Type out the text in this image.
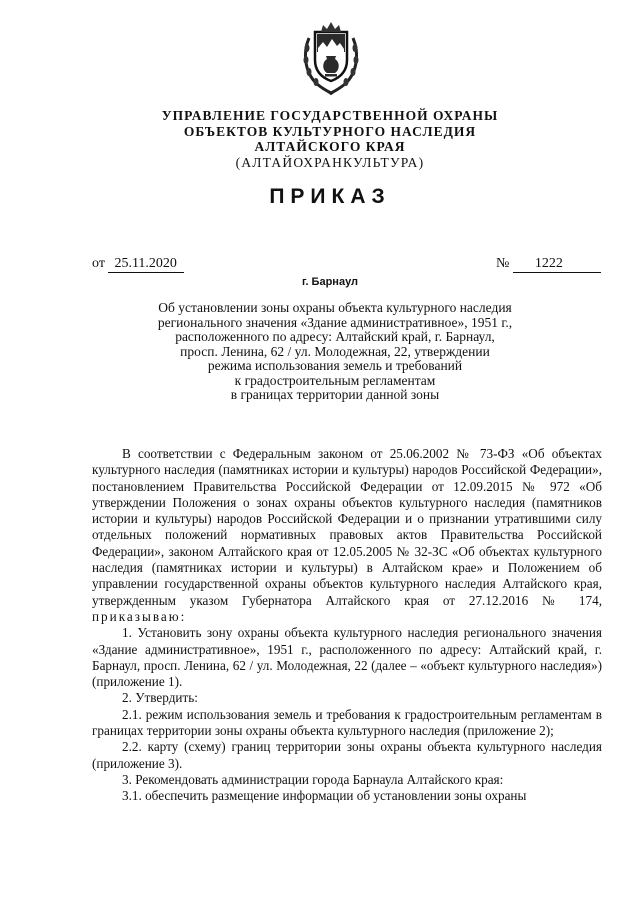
УПРАВЛЕНИЕ ГОСУДАРСТВЕННОЙ ОХРАНЫ
ОБЪЕКТОВ КУЛЬТУРНОГО НАСЛЕДИЯ
АЛТАЙСКОГО КРАЯ
(АЛТАЙОХРАНКУЛЬТУРА)
ПРИКАЗ
от 25.11.2020	№ 1222
г. Барнаул
Об установлении зоны охраны объекта культурного наследия
регионального значения «Здание административное», 1951 г.,
расположенного по адресу: Алтайский край, г. Барнаул,
просп. Ленина, 62 / ул. Молодежная, 22, утверждении
режима использования земель и требований
к градостроительным регламентам
в границах территории данной зоны

В соответствии с Федеральным законом от 25.06.2002 № 73-ФЗ «Об объектах культурного наследия (памятниках истории и культуры) народов Российской Федерации», постановлением Правительства Российской Федерации от 12.09.2015 № 972 «Об утверждении Положения о зонах охраны объектов культурного наследия (памятников истории и культуры) народов Российской Федерации и о признании утратившими силу отдельных положений нормативных правовых актов Правительства Российской Федерации», законом Алтайского края от 12.05.2005 № 32-ЗС «Об объектах культурного наследия (памятниках истории и культуры) в Алтайском крае» и Положением об управлении государственной охраны объектов культурного наследия Алтайского края, утвержденным указом Губернатора Алтайского края от 27.12.2016 № 174, приказываю:

1. Установить зону охраны объекта культурного наследия регионального значения «Здание административное», 1951 г., расположенного по адресу: Алтайский край, г. Барнаул, просп. Ленина, 62 / ул. Молодежная, 22 (далее – «объект культурного наследия») (приложение 1).

2. Утвердить:

2.1. режим использования земель и требования к градостроительным регламентам в границах территории зоны охраны объекта культурного наследия (приложение 2);

2.2. карту (схему) границ территории зоны охраны объекта культурного наследия (приложение 3).

3. Рекомендовать администрации города Барнаула Алтайского края:

3.1. обеспечить размещение информации об установлении зоны охраны
